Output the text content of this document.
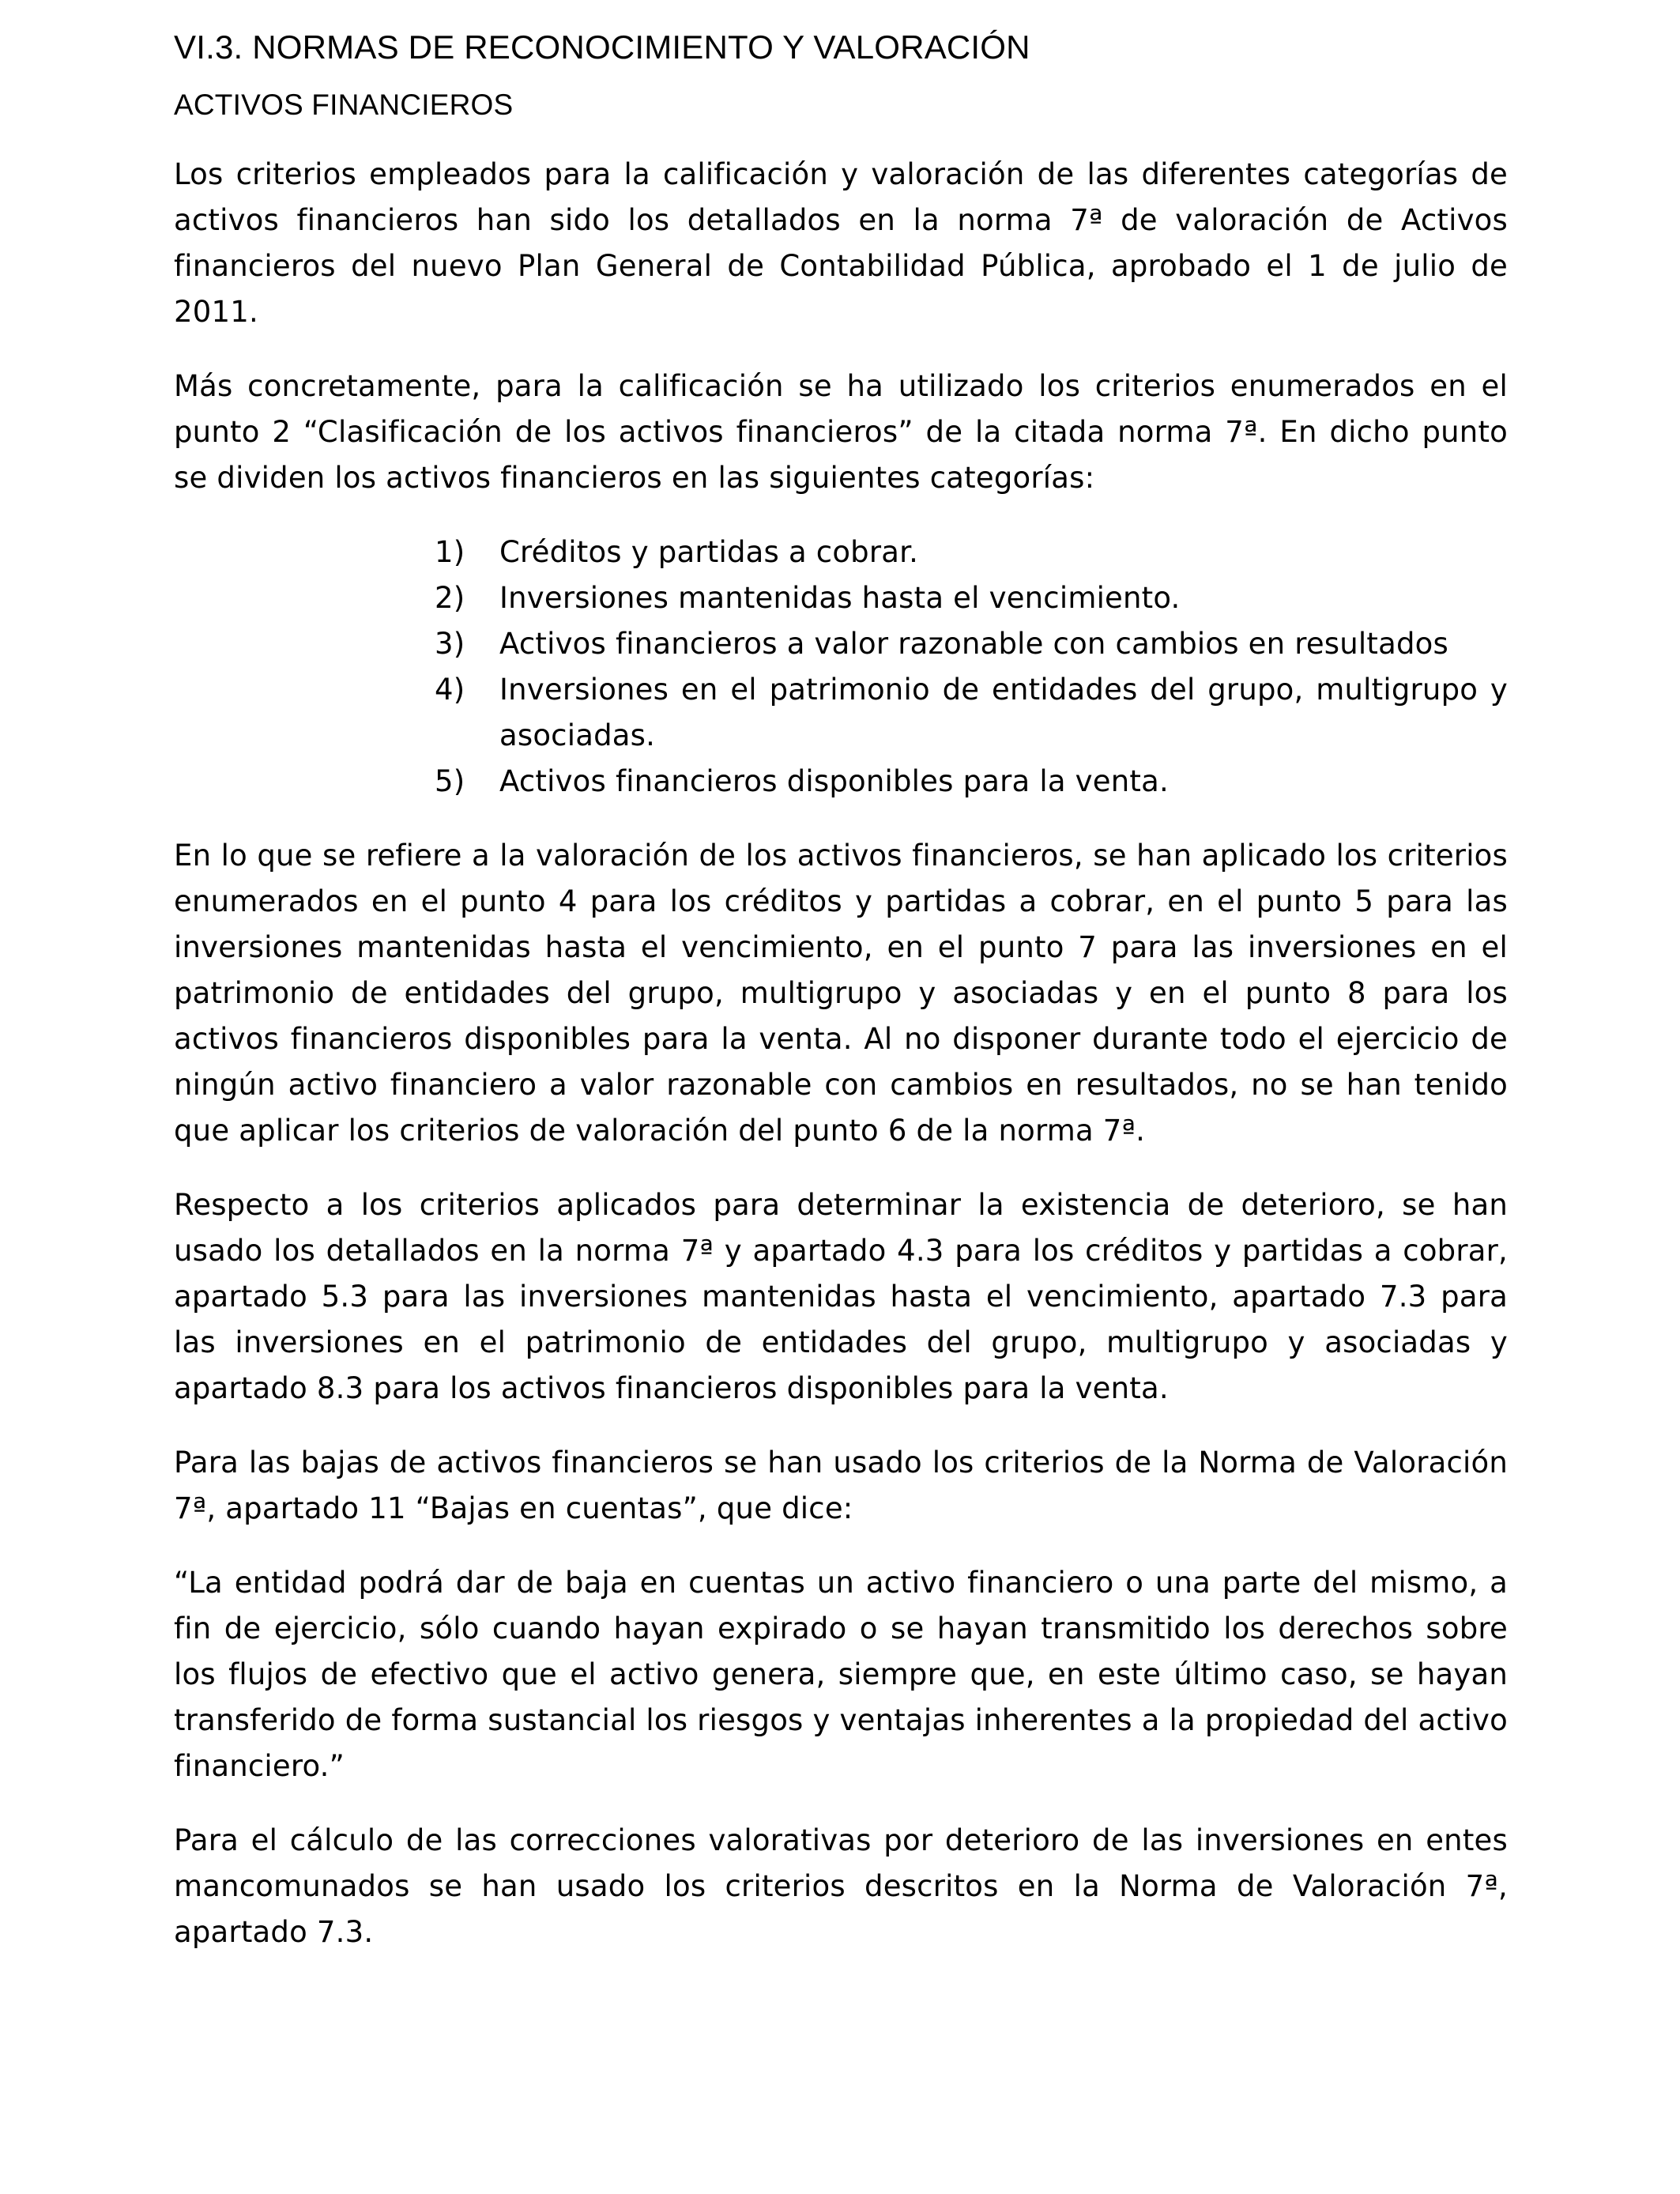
VI.3. NORMAS DE RECONOCIMIENTO Y VALORACIÓN
ACTIVOS FINANCIEROS

Los criterios empleados para la calificación y valoración de las diferentes categorías de activos financieros han sido los detallados en la norma 7ª de valoración de Activos financieros del nuevo Plan General de Contabilidad Pública, aprobado el 1 de julio de 2011.

Más concretamente, para la calificación se ha utilizado los criterios enumerados en el punto 2 “Clasificación de los activos financieros” de la citada norma 7ª. En dicho punto se dividen los activos financieros en las siguientes categorías:

1) Créditos y partidas a cobrar.
2) Inversiones mantenidas hasta el vencimiento.
3) Activos financieros a valor razonable con cambios en resultados
4) Inversiones en el patrimonio de entidades del grupo, multigrupo y asociadas.
5) Activos financieros disponibles para la venta.

En lo que se refiere a la valoración de los activos financieros, se han aplicado los criterios enumerados en el punto 4 para los créditos y partidas a cobrar, en el punto 5 para las inversiones mantenidas hasta el vencimiento, en el punto 7 para las inversiones en el patrimonio de entidades del grupo, multigrupo y asociadas y en el punto 8 para los activos financieros disponibles para la venta. Al no disponer durante todo el ejercicio de ningún activo financiero a valor razonable con cambios en resultados, no se han tenido que aplicar los criterios de valoración del punto 6 de la norma 7ª.

Respecto a los criterios aplicados para determinar la existencia de deterioro, se han usado los detallados en la norma 7ª y apartado 4.3 para los créditos y partidas a cobrar, apartado 5.3 para las inversiones mantenidas hasta el vencimiento, apartado 7.3 para las inversiones en el patrimonio de entidades del grupo, multigrupo y asociadas y apartado 8.3 para los activos financieros disponibles para la venta.

Para las bajas de activos financieros se han usado los criterios de la Norma de Valoración 7ª, apartado 11 “Bajas en cuentas”, que dice:

“La entidad podrá dar de baja en cuentas un activo financiero o una parte del mismo, a fin de ejercicio, sólo cuando hayan expirado o se hayan transmitido los derechos sobre los flujos de efectivo que el activo genera, siempre que, en este último caso, se hayan transferido de forma sustancial los riesgos y ventajas inherentes a la propiedad del activo financiero.”

Para el cálculo de las correcciones valorativas por deterioro de las inversiones en entes mancomunados se han usado los criterios descritos en la Norma de Valoración 7ª, apartado 7.3.
